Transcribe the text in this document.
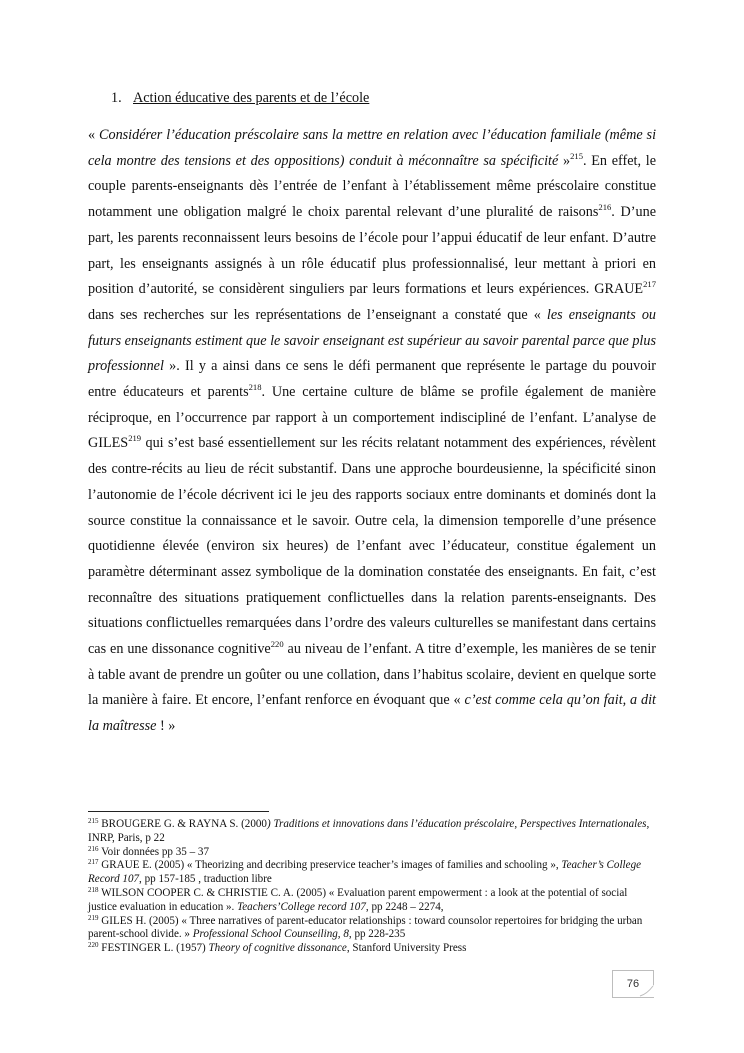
1. Action éducative des parents et de l’école
« Considérer l’éducation préscolaire sans la mettre en relation avec l’éducation familiale (même si cela montre des tensions et des oppositions) conduit à méconnaître sa spécificité »$^{215}$. En effet, le couple parents-enseignants dès l’entrée de l’enfant à l’établissement même préscolaire constitue notamment une obligation malgré le choix parental relevant d’une pluralité de raisons$^{216}$. D’une part, les parents reconnaissent leurs besoins de l’école pour l’appui éducatif de leur enfant. D’autre part, les enseignants assignés à un rôle éducatif plus professionnalisé, leur mettant à priori en position d’autorité, se considèrent singuliers par leurs formations et leurs expériences. GRAUE$^{217}$ dans ses recherches sur les représentations de l’enseignant a constaté que « les enseignants ou futurs enseignants estiment que le savoir enseignant est supérieur au savoir parental parce que plus professionnel ». Il y a ainsi dans ce sens le défi permanent que représente le partage du pouvoir entre éducateurs et parents$^{218}$. Une certaine culture de blâme se profile également de manière réciproque, en l’occurrence par rapport à un comportement indiscipliné de l’enfant. L’analyse de GILES$^{219}$ qui s’est basé essentiellement sur les récits relatant notamment des expériences, révèlent des contre-récits au lieu de récit substantif. Dans une approche bourdeusienne, la spécificité sinon l’autonomie de l’école décrivent ici le jeu des rapports sociaux entre dominants et dominés dont la source constitue la connaissance et le savoir. Outre cela, la dimension temporelle d’une présence quotidienne élevée (environ six heures) de l’enfant avec l’éducateur, constitue également un paramètre déterminant assez symbolique de la domination constatée des enseignants. En fait, c’est reconnaître des situations pratiquement conflictuelles dans la relation parents-enseignants. Des situations conflictuelles remarquées dans l’ordre des valeurs culturelles se manifestant dans certains cas en une dissonance cognitive$^{220}$ au niveau de l’enfant. A titre d’exemple, les manières de se tenir à table avant de prendre un goûter ou une collation, dans l’habitus scolaire, devient en quelque sorte la manière à faire. Et encore, l’enfant renforce en évoquant que « c’est comme cela qu’on fait, a dit la maîtresse ! »

$^{215}$ BROUGERE G. & RAYNA S. (2000) Traditions et innovations dans l’éducation préscolaire, Perspectives Internationales, INRP, Paris, p 22

$^{216}$ Voir données pp 35 – 37

$^{217}$ GRAUE E. (2005) « Theorizing and decribing preservice teacher’s images of families and schooling », Teacher’s College Record 107, pp 157-185 , traduction libre

$^{218}$ WILSON COOPER C. & CHRISTIE C. A. (2005) « Evaluation parent empowerment : a look at the potential of social justice evaluation in education ». Teachers’College record 107, pp 2248 – 2274,

$^{219}$ GILES H. (2005) « Three narratives of parent-educator relationships : toward counsolor repertoires for bridging the urban parent-school divide. » Professional School Counseiling, 8, pp 228-235

$^{220}$ FESTINGER L. (1957) Theory of cognitive dissonance, Stanford University Press

76
